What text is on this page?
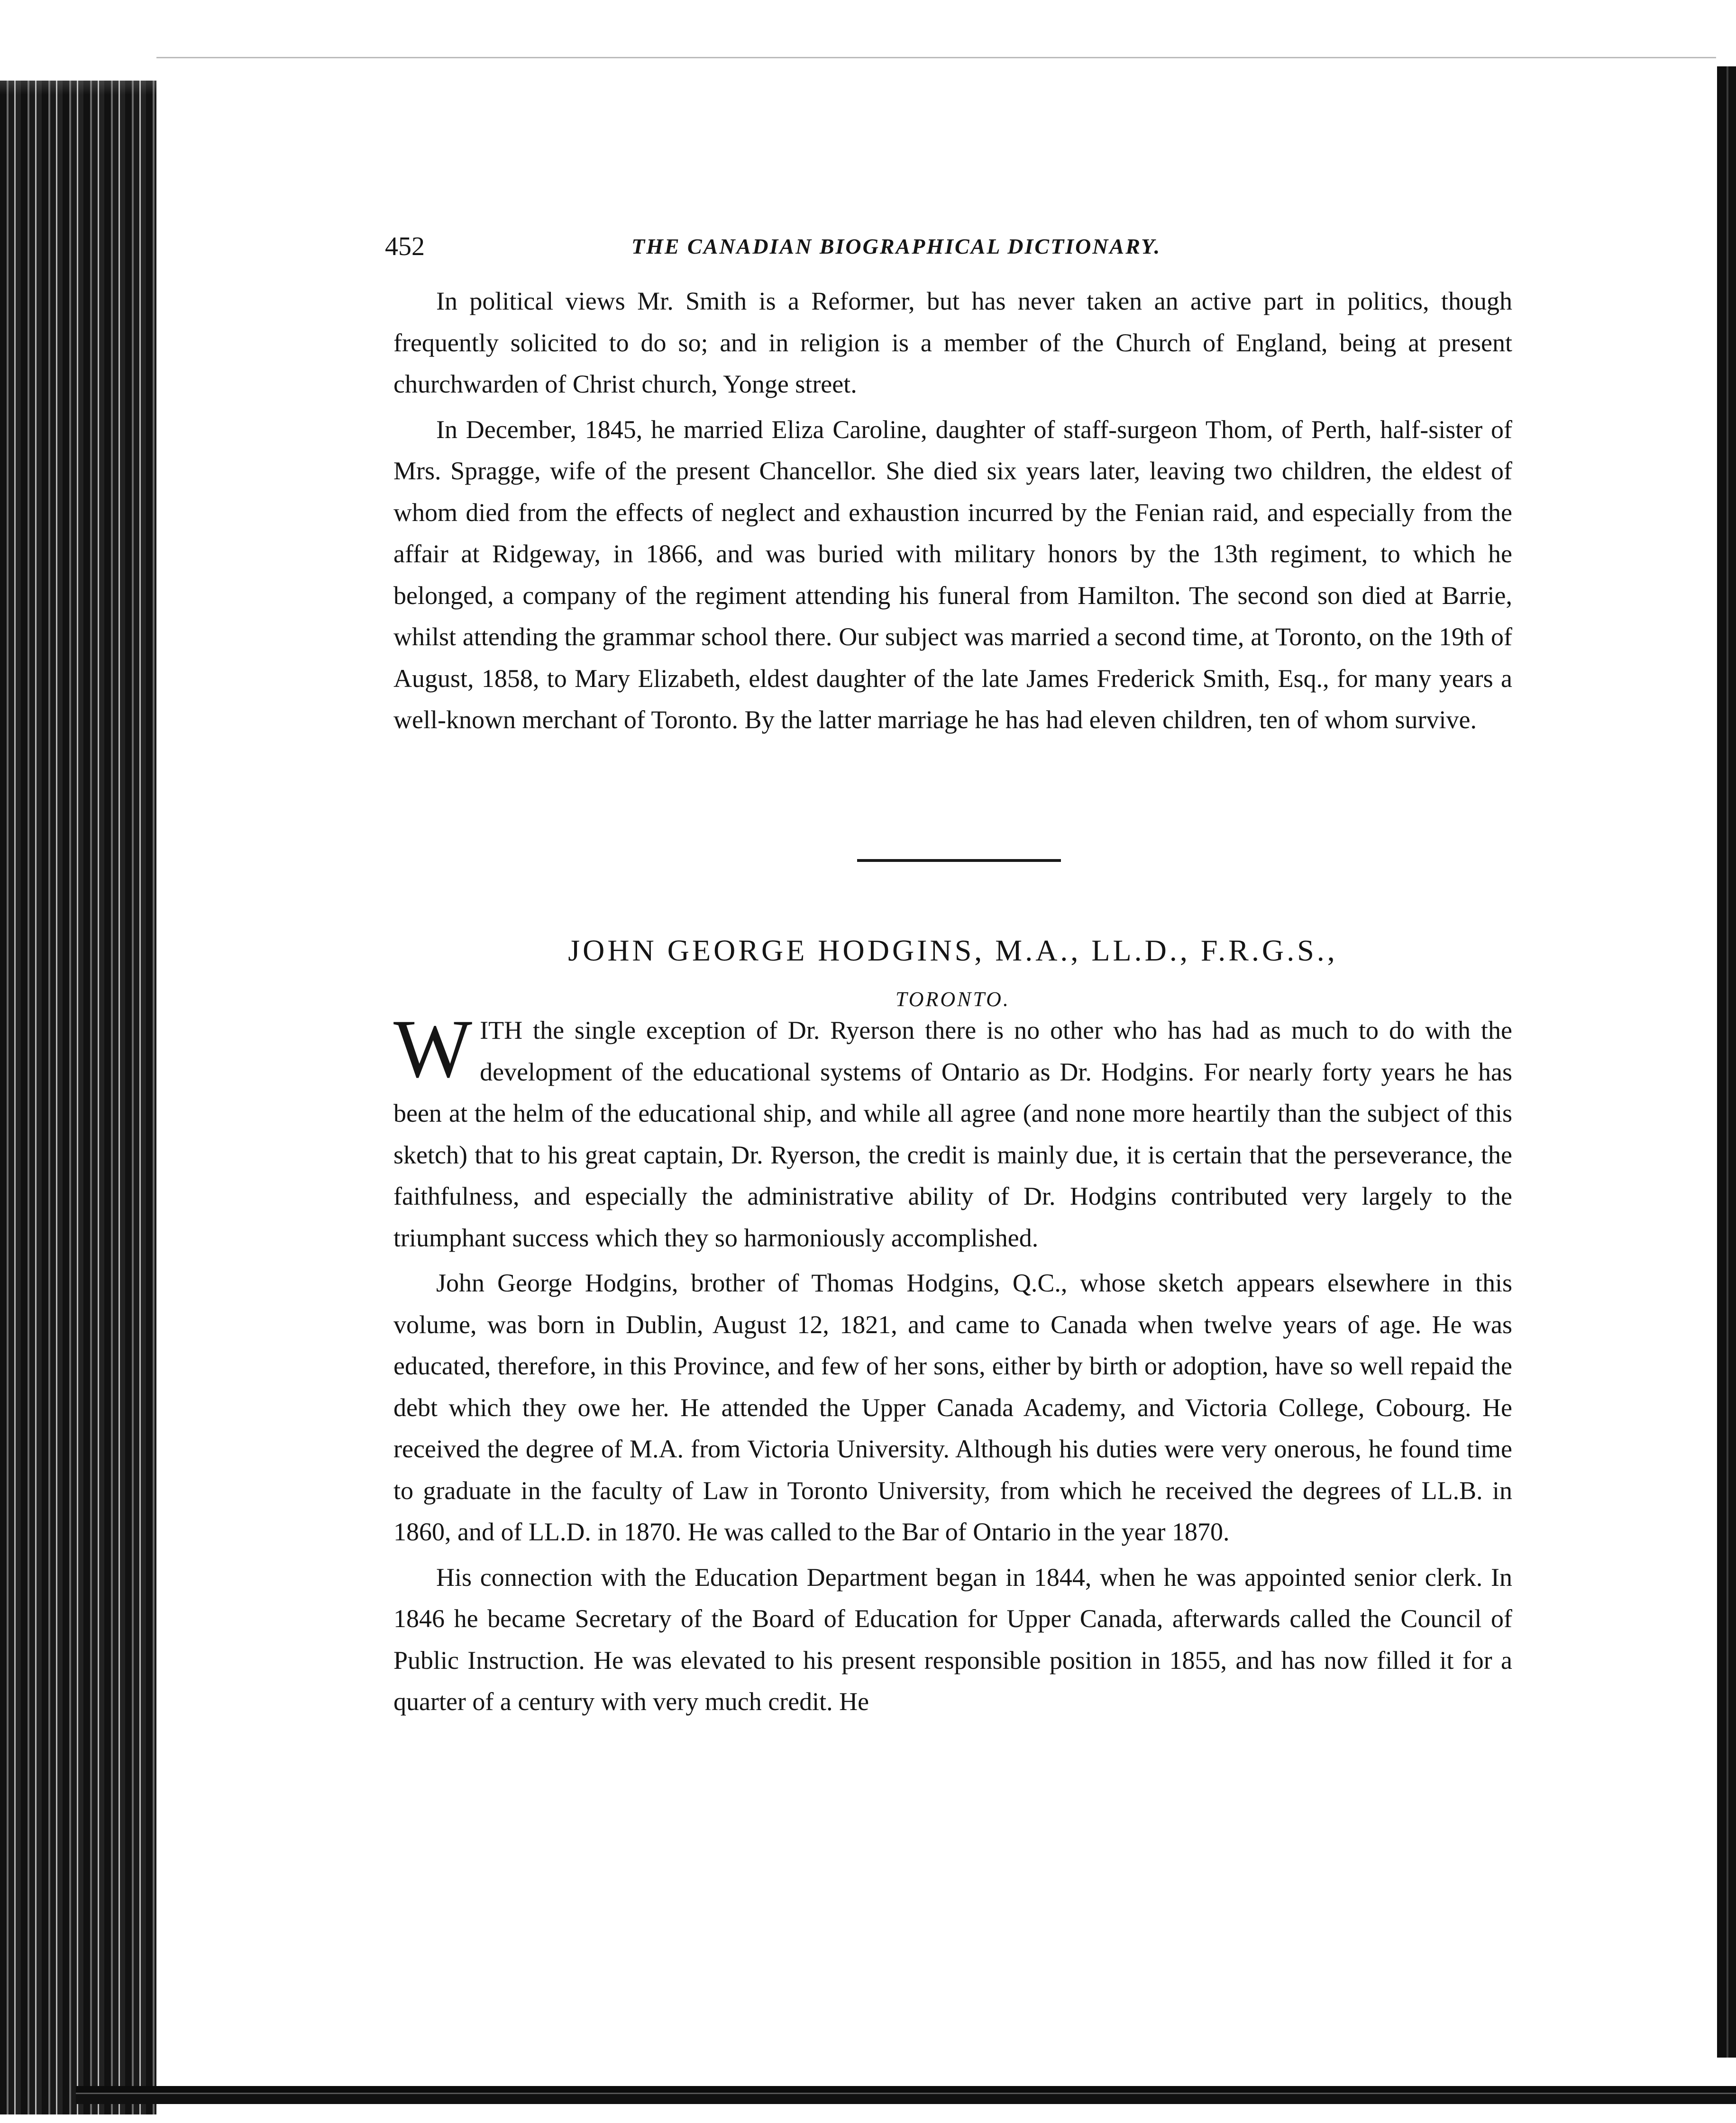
452	THE CANADIAN BIOGRAPHICAL DICTIONARY.

In political views Mr. Smith is a Reformer, but has never taken an active part in politics, though frequently solicited to do so; and in religion is a member of the Church of England, being at present churchwarden of Christ church, Yonge street.

In December, 1845, he married Eliza Caroline, daughter of staff-surgeon Thom, of Perth, half-sister of Mrs. Spragge, wife of the present Chancellor. She died six years later, leaving two children, the eldest of whom died from the effects of neglect and exhaustion incurred by the Fenian raid, and especially from the affair at Ridgeway, in 1866, and was buried with military honors by the 13th regiment, to which he belonged, a company of the regiment attending his funeral from Hamilton. The second son died at Barrie, whilst attending the grammar school there. Our subject was married a second time, at Toronto, on the 19th of August, 1858, to Mary Elizabeth, eldest daughter of the late James Frederick Smith, Esq., for many years a well-known merchant of Toronto. By the latter marriage he has had eleven children, ten of whom survive.

JOHN GEORGE HODGINS, M.A., LL.D., F.R.G.S.,
TORONTO.

WITH the single exception of Dr. Ryerson there is no other who has had as much to do with the development of the educational systems of Ontario as Dr. Hodgins. For nearly forty years he has been at the helm of the educational ship, and while all agree (and none more heartily than the subject of this sketch) that to his great captain, Dr. Ryerson, the credit is mainly due, it is certain that the perseverance, the faithfulness, and especially the administrative ability of Dr. Hodgins contributed very largely to the triumphant success which they so harmoniously accomplished.

John George Hodgins, brother of Thomas Hodgins, Q.C., whose sketch appears elsewhere in this volume, was born in Dublin, August 12, 1821, and came to Canada when twelve years of age. He was educated, therefore, in this Province, and few of her sons, either by birth or adoption, have so well repaid the debt which they owe her. He attended the Upper Canada Academy, and Victoria College, Cobourg. He received the degree of M.A. from Victoria University. Although his duties were very onerous, he found time to graduate in the faculty of Law in Toronto University, from which he received the degrees of LL.B. in 1860, and of LL.D. in 1870. He was called to the Bar of Ontario in the year 1870.

His connection with the Education Department began in 1844, when he was appointed senior clerk. In 1846 he became Secretary of the Board of Education for Upper Canada, afterwards called the Council of Public Instruction. He was elevated to his present responsible position in 1855, and has now filled it for a quarter of a century with very much credit. He
